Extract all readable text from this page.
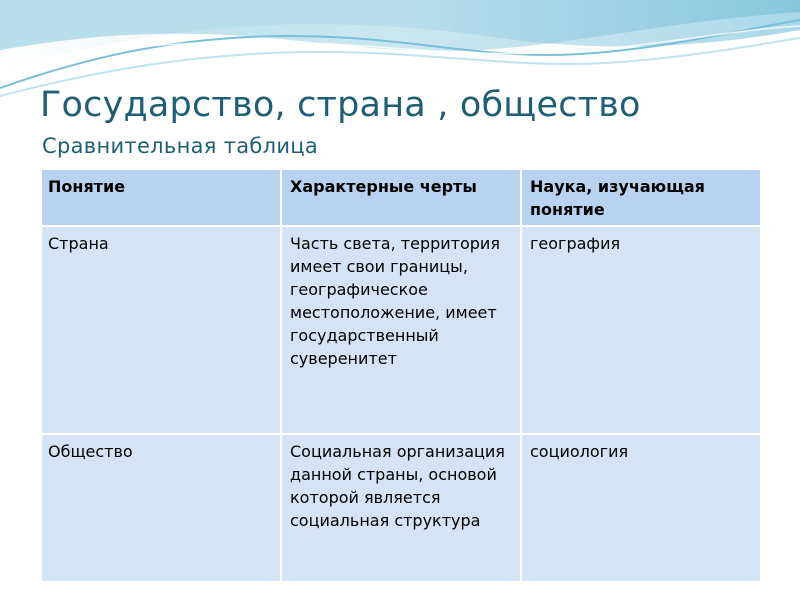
Государство, страна , общество
Сравнительная таблица
Понятие	Характерные черты	Наука, изучающая понятие
Страна	Часть света, территория имеет свои границы, географическое местоположение, имеет государственный суверенитет	география
Общество	Социальная организация данной страны, основой которой является социальная структура	социология
